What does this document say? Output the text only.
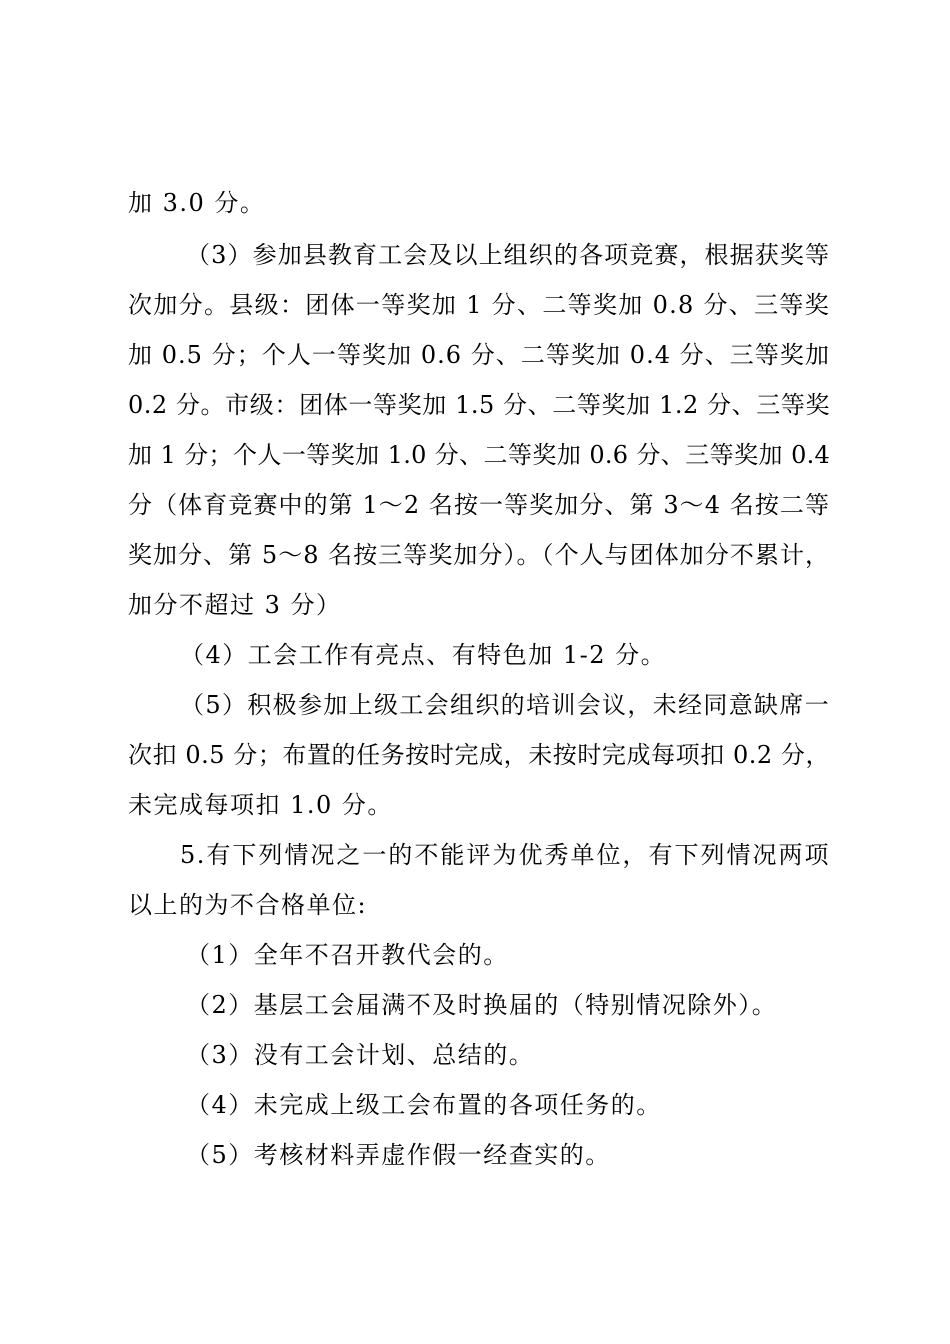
加 3.0 分。
（3）参加县教育工会及以上组织的各项竞赛，根据获奖等
次加分。县级：团体一等奖加 1 分、二等奖加 0.8 分、三等奖
加 0.5 分；个人一等奖加 0.6 分、二等奖加 0.4 分、三等奖加
0.2 分。市级：团体一等奖加 1.5 分、二等奖加 1.2 分、三等奖
加 1 分；个人一等奖加 1.0 分、二等奖加 0.6 分、三等奖加 0.4
分（体育竞赛中的第 1～2 名按一等奖加分、第 3～4 名按二等
奖加分、第 5～8 名按三等奖加分）。（个人与团体加分不累计，
加分不超过 3 分）
（4）工会工作有亮点、有特色加 1-2 分。
（5）积极参加上级工会组织的培训会议，未经同意缺席一
次扣 0.5 分；布置的任务按时完成，未按时完成每项扣 0.2 分，
未完成每项扣 1.0 分。
5.有下列情况之一的不能评为优秀单位，有下列情况两项
以上的为不合格单位:
（1）全年不召开教代会的。
（2）基层工会届满不及时换届的（特别情况除外）。
（3）没有工会计划、总结的。
（4）未完成上级工会布置的各项任务的。
（5）考核材料弄虚作假一经查实的。
